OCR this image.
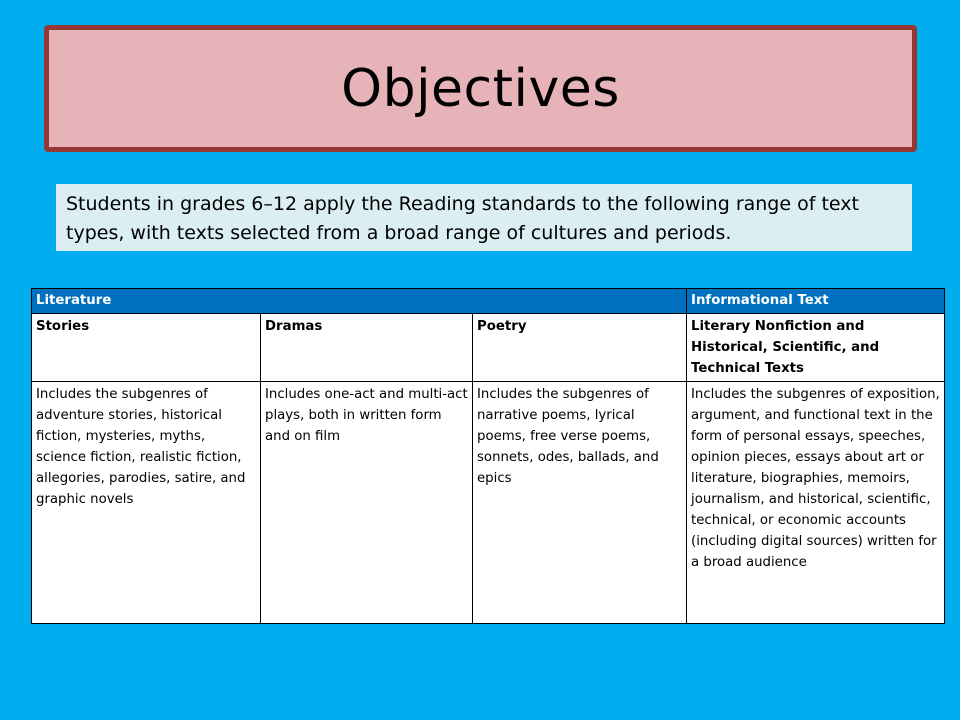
Objectives
Students in grades 6–12 apply the Reading standards to the following range of text types, with texts selected from a broad range of cultures and periods.
Literature			Informational Text
Stories	Dramas	Poetry	Literary Nonfiction and Historical, Scientific, and Technical Texts
Includes the subgenres of adventure stories, historical fiction, mysteries, myths, science fiction, realistic fiction, allegories, parodies, satire, and graphic novels	Includes one-act and multi-act plays, both in written form and on film	Includes the subgenres of narrative poems, lyrical poems, free verse poems, sonnets, odes, ballads, and epics	Includes the subgenres of exposition, argument, and functional text in the form of personal essays, speeches, opinion pieces, essays about art or literature, biographies, memoirs, journalism, and historical, scientific, technical, or economic accounts (including digital sources) written for a broad audience
